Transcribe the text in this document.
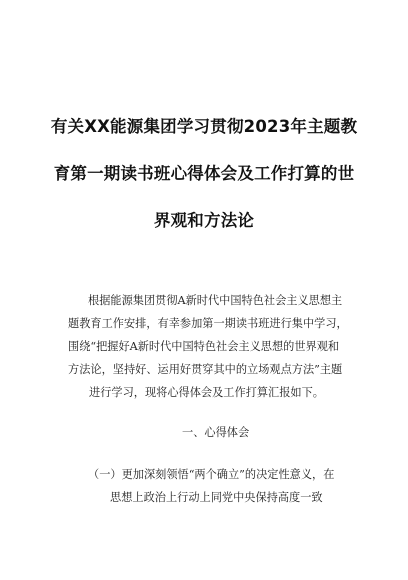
有关XX能源集团学习贯彻2023年主题教
育第一期读书班心得体会及工作打算的世
界观和方法论
根据能源集团贯彻A新时代中国特色社会主义思想主
题教育工作安排，有幸参加第一期读书班进行集中学习，
围绕“把握好A新时代中国特色社会主义思想的世界观和
方法论，坚持好、运用好贯穿其中的立场观点方法”主题
进行学习，现将心得体会及工作打算汇报如下。
一、心得体会
（一）更加深刻领悟“两个确立”的决定性意义，在
思想上政治上行动上同党中央保持高度一致
